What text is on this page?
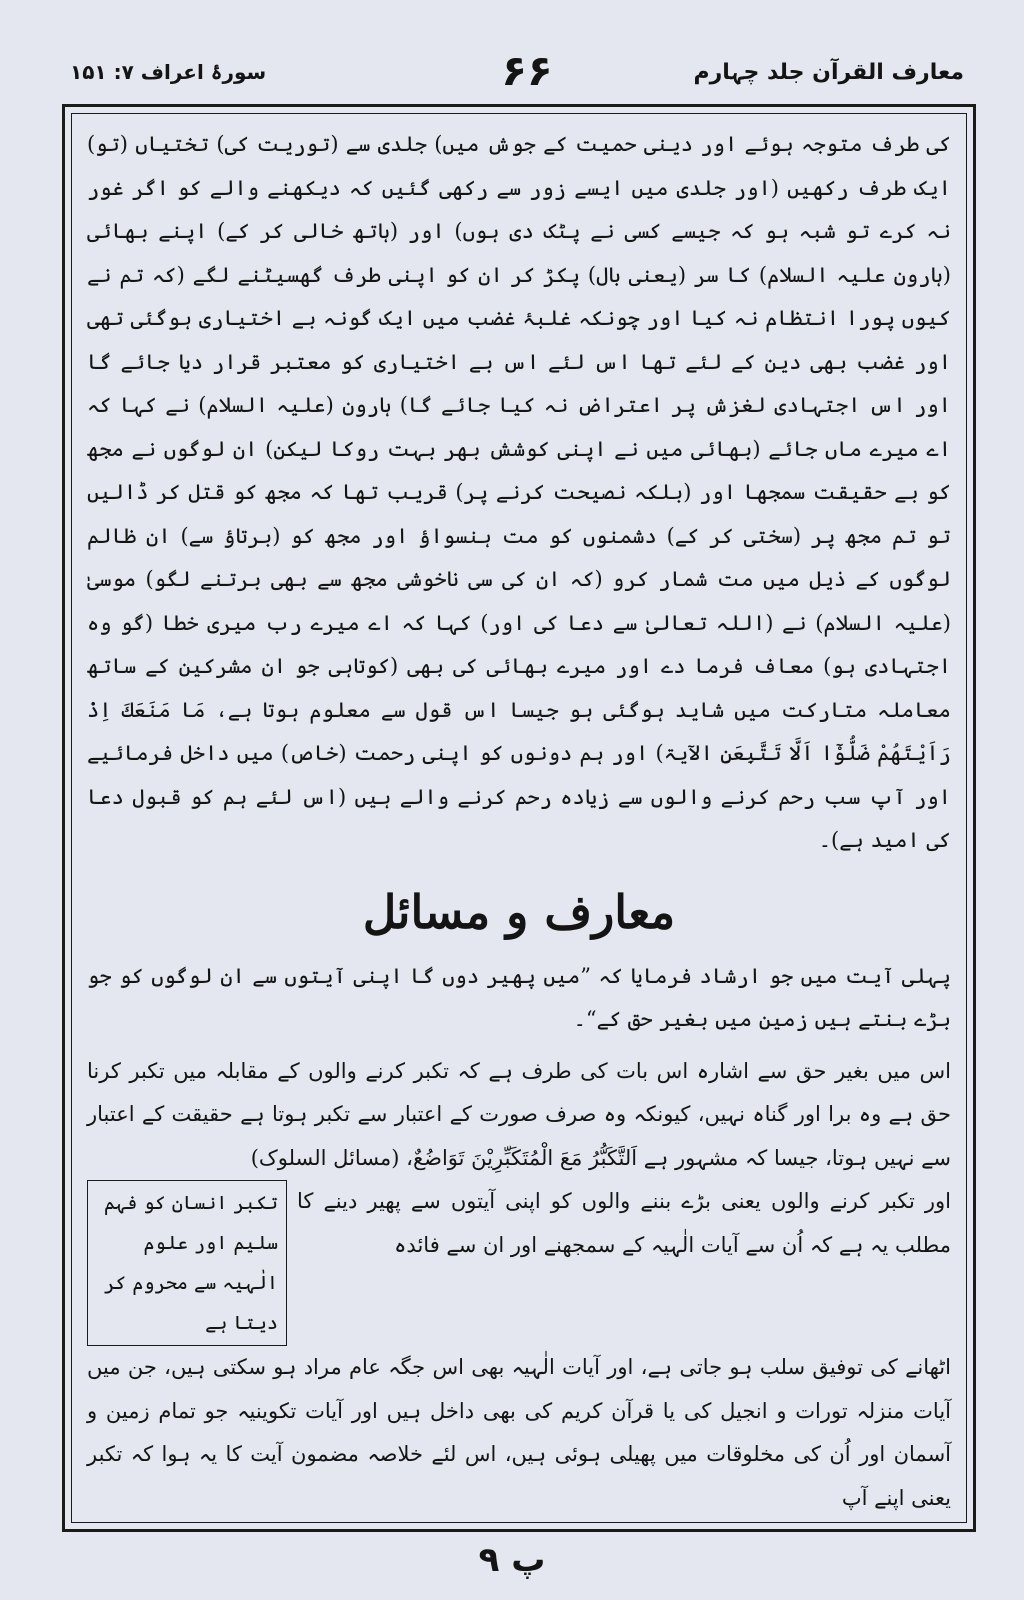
سورۂ اعراف ۷: ۱۵۱	۶۶	معارف القرآن جلد چہارم

کی طرف متوجہ ہوئے اور دینی حمیت کے جوش میں) جلدی سے (توریت کی) تختیاں (تو) ایک طرف رکھیں (اور جلدی میں ایسے زور سے رکھی گئیں کہ دیکھنے والے کو اگر غور نہ کرے تو شبہ ہو کہ جیسے کسی نے پٹک دی ہوں) اور (ہاتھ خالی کر کے) اپنے بھائی (ہارون علیہ السلام) کا سر (یعنی بال) پکڑ کر ان کو اپنی طرف گھسیٹنے لگے (کہ تم نے کیوں پورا انتظام نہ کیا اور چونکہ غلبۂ غضب میں ایک گونہ بے اختیاری ہوگئی تھی اور غضب بھی دین کے لئے تھا اس لئے اس بے اختیاری کو معتبر قرار دیا جائے گا اور اس اجتہادی لغزش پر اعتراض نہ کیا جائے گا) ہارون (علیہ السلام) نے کہا کہ اے میرے ماں جائے (بھائی میں نے اپنی کوشش بھر بہت روکا لیکن) ان لوگوں نے مجھ کو بے حقیقت سمجھا اور (بلکہ نصیحت کرنے پر) قریب تھا کہ مجھ کو قتل کر ڈالیں تو تم مجھ پر (سختی کر کے) دشمنوں کو مت ہنسواؤ اور مجھ کو (برتاؤ سے) ان ظالم لوگوں کے ذیل میں مت شمار کرو (کہ ان کی سی ناخوشی مجھ سے بھی برتنے لگو) موسیٰ (علیہ السلام) نے (اللہ تعالیٰ سے دعا کی اور) کہا کہ اے میرے رب میری خطا (گو وہ اجتہادی ہو) معاف فرما دے اور میرے بھائی کی بھی (کوتاہی جو ان مشرکین کے ساتھ معاملہ متارکت میں شاید ہوگئی ہو جیسا اس قول سے معلوم ہوتا ہے، مَا مَنَعَكَ اِذْ رَاَیْتَهُمْ ضَلُّوْٓا اَلَّا تَتَّبِعَنِ الآیۃ) اور ہم دونوں کو اپنی رحمت (خاص) میں داخل فرمائیے اور آپ سب رحم کرنے والوں سے زیادہ رحم کرنے والے ہیں (اس لئے ہم کو قبول دعا کی امید ہے)۔

معارف و مسائل

پہلی آیت میں جو ارشاد فرمایا کہ ”میں پھیر دوں گا اپنی آیتوں سے ان لوگوں کو جو بڑے بنتے ہیں زمین میں بغیر حق کے“۔

اس میں بغیر حق سے اشارہ اس بات کی طرف ہے کہ تکبر کرنے والوں کے مقابلہ میں تکبر کرنا حق ہے وہ برا اور گناہ نہیں، کیونکہ وہ صرف صورت کے اعتبار سے تکبر ہوتا ہے حقیقت کے اعتبار سے نہیں ہوتا، جیسا کہ مشہور ہے اَلتَّکَبُّرُ مَعَ الْمُتَکَبِّرِیْنَ تَوَاضُعٌ، (مسائل السلوک)

اور تکبر کرنے والوں یعنی بڑے بننے والوں کو اپنی آیتوں سے پھیر دینے کا مطلب یہ ہے کہ اُن سے آیات الٰہیہ کے سمجھنے اور ان سے فائدہ
تکبر انسان کو فہم سلیم اور علوم الٰہیہ سے محروم کر دیتا ہے

اٹھانے کی توفیق سلب ہو جاتی ہے، اور آیات الٰہیہ بھی اس جگہ عام مراد ہو سکتی ہیں، جن میں آیات منزلہ تورات و انجیل کی یا قرآن کریم کی بھی داخل ہیں اور آیات تکوینیہ جو تمام زمین و آسمان اور اُن کی مخلوقات میں پھیلی ہوئی ہیں، اس لئے خلاصہ مضمون آیت کا یہ ہوا کہ تکبر یعنی اپنے آپ

پ ۹
